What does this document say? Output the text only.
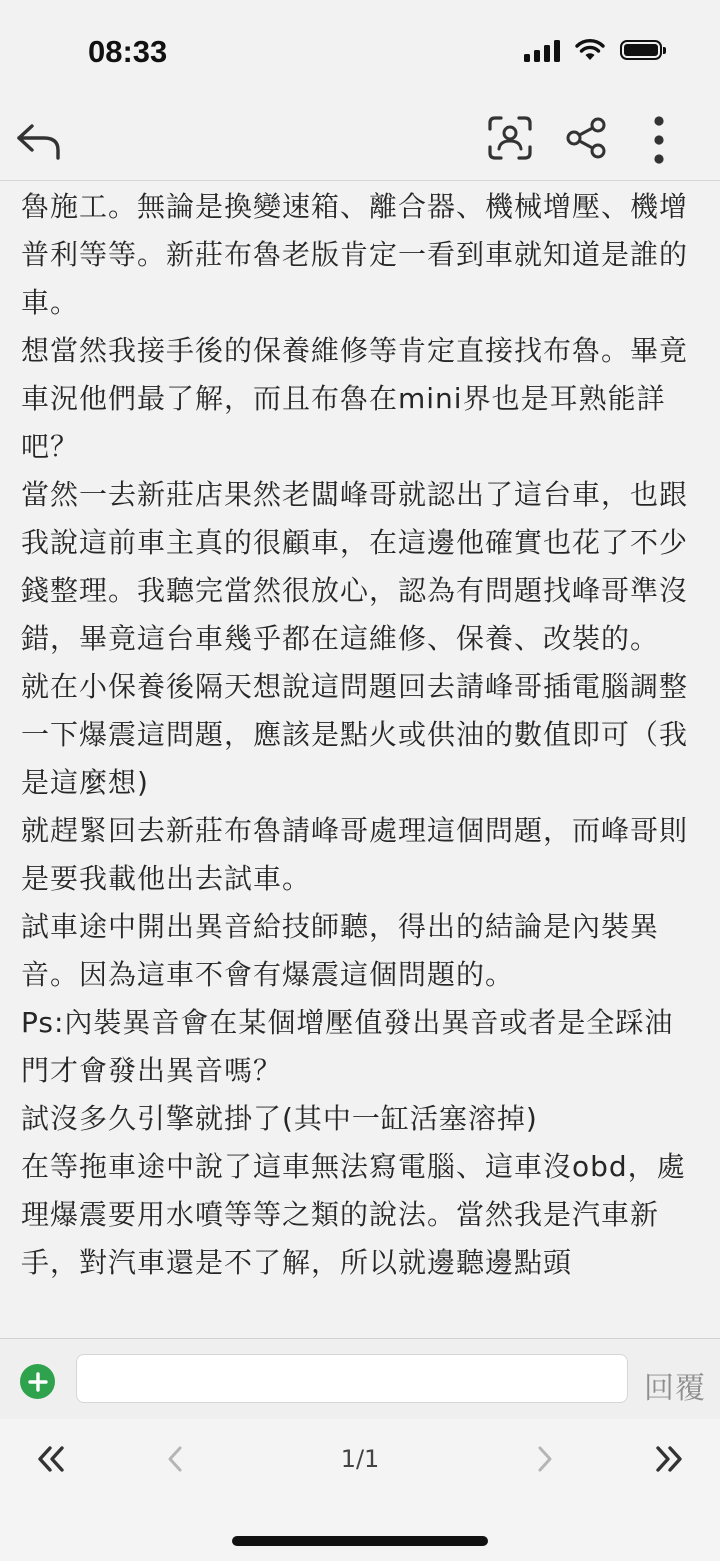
08:33

魯施工。無論是換變速箱、離合器、機械增壓、機增普利等等。新莊布魯老版肯定一看到車就知道是誰的車。

想當然我接手後的保養維修等肯定直接找布魯。畢竟車況他們最了解，而且布魯在mini界也是耳熟能詳吧？

當然一去新莊店果然老闆峰哥就認出了這台車，也跟我說這前車主真的很顧車，在這邊他確實也花了不少錢整理。我聽完當然很放心，認為有問題找峰哥準沒錯，畢竟這台車幾乎都在這維修、保養、改裝的。

就在小保養後隔天想說這問題回去請峰哥插電腦調整一下爆震這問題，應該是點火或供油的數值即可（我是這麼想)

就趕緊回去新莊布魯請峰哥處理這個問題，而峰哥則是要我載他出去試車。

試車途中開出異音給技師聽，得出的結論是內裝異音。因為這車不會有爆震這個問題的。

Ps:內裝異音會在某個增壓值發出異音或者是全踩油門才會發出異音嗎？

試沒多久引擎就掛了(其中一缸活塞溶掉)

在等拖車途中說了這車無法寫電腦、這車沒obd，處理爆震要用水噴等等之類的說法。當然我是汽車新手，對汽車還是不了解，所以就邊聽邊點頭

回覆
1/1
